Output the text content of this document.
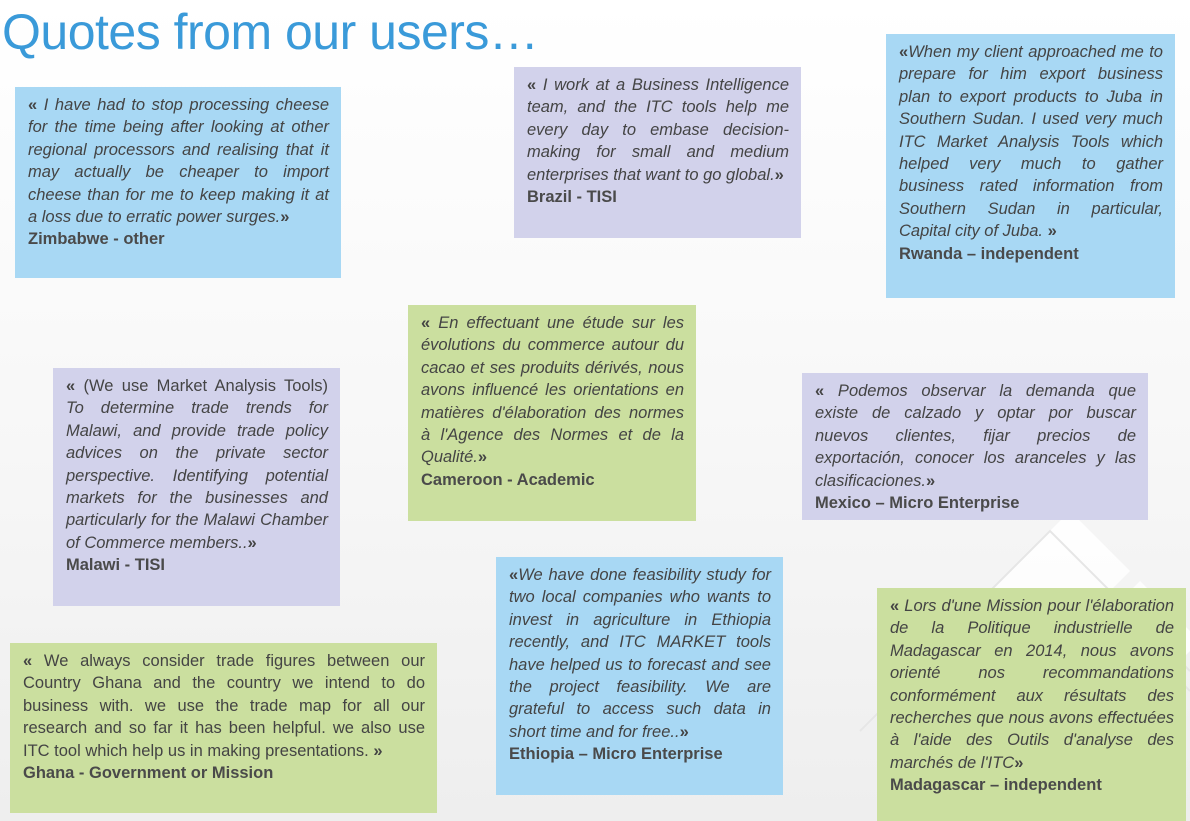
Quotes from our users…

« I have had to stop processing cheese for the time being after looking at other regional processors and realising that it may actually be cheaper to import cheese than for me to keep making it at a loss due to erratic power surges.»

Zimbabwe - other

« I work at a Business Intelligence team, and the ITC tools help me every day to embase decision-making for small and medium enterprises that want to go global.»

Brazil - TISI

«When my client approached me to prepare for him export business plan to export products to Juba in Southern Sudan. I used very much ITC Market Analysis Tools which helped very much to gather business rated information from Southern Sudan in particular, Capital city of Juba. »

Rwanda – independent

« En effectuant une étude sur les évolutions du commerce autour du cacao et ses produits dérivés, nous avons influencé les orientations en matières d'élaboration des normes à l'Agence des Normes et de la Qualité.»

Cameroon - Academic

« (We use Market Analysis Tools) To determine trade trends for Malawi, and provide trade policy advices on the private sector perspective. Identifying potential markets for the businesses and particularly for the Malawi Chamber of Commerce members..»

Malawi - TISI

« Podemos observar la demanda que existe de calzado y optar por buscar nuevos clientes, fijar precios de exportación, conocer los aranceles y las clasificaciones.»

Mexico – Micro Enterprise

« We always consider trade figures between our Country Ghana and the country we intend to do business with. we use the trade map for all our research and so far it has been helpful. we also use ITC tool which help us in making presentations. »

Ghana - Government or Mission

«We have done feasibility study for two local companies who wants to invest in agriculture in Ethiopia recently, and ITC MARKET tools have helped us to forecast and see the project feasibility. We are grateful to access such data in short time and for free..»

Ethiopia – Micro Enterprise

« Lors d'une Mission pour l'élaboration de la Politique industrielle de Madagascar en 2014, nous avons orienté nos recommandations conformément aux résultats des recherches que nous avons effectuées à l'aide des Outils d'analyse des marchés de l'ITC»

Madagascar – independent
